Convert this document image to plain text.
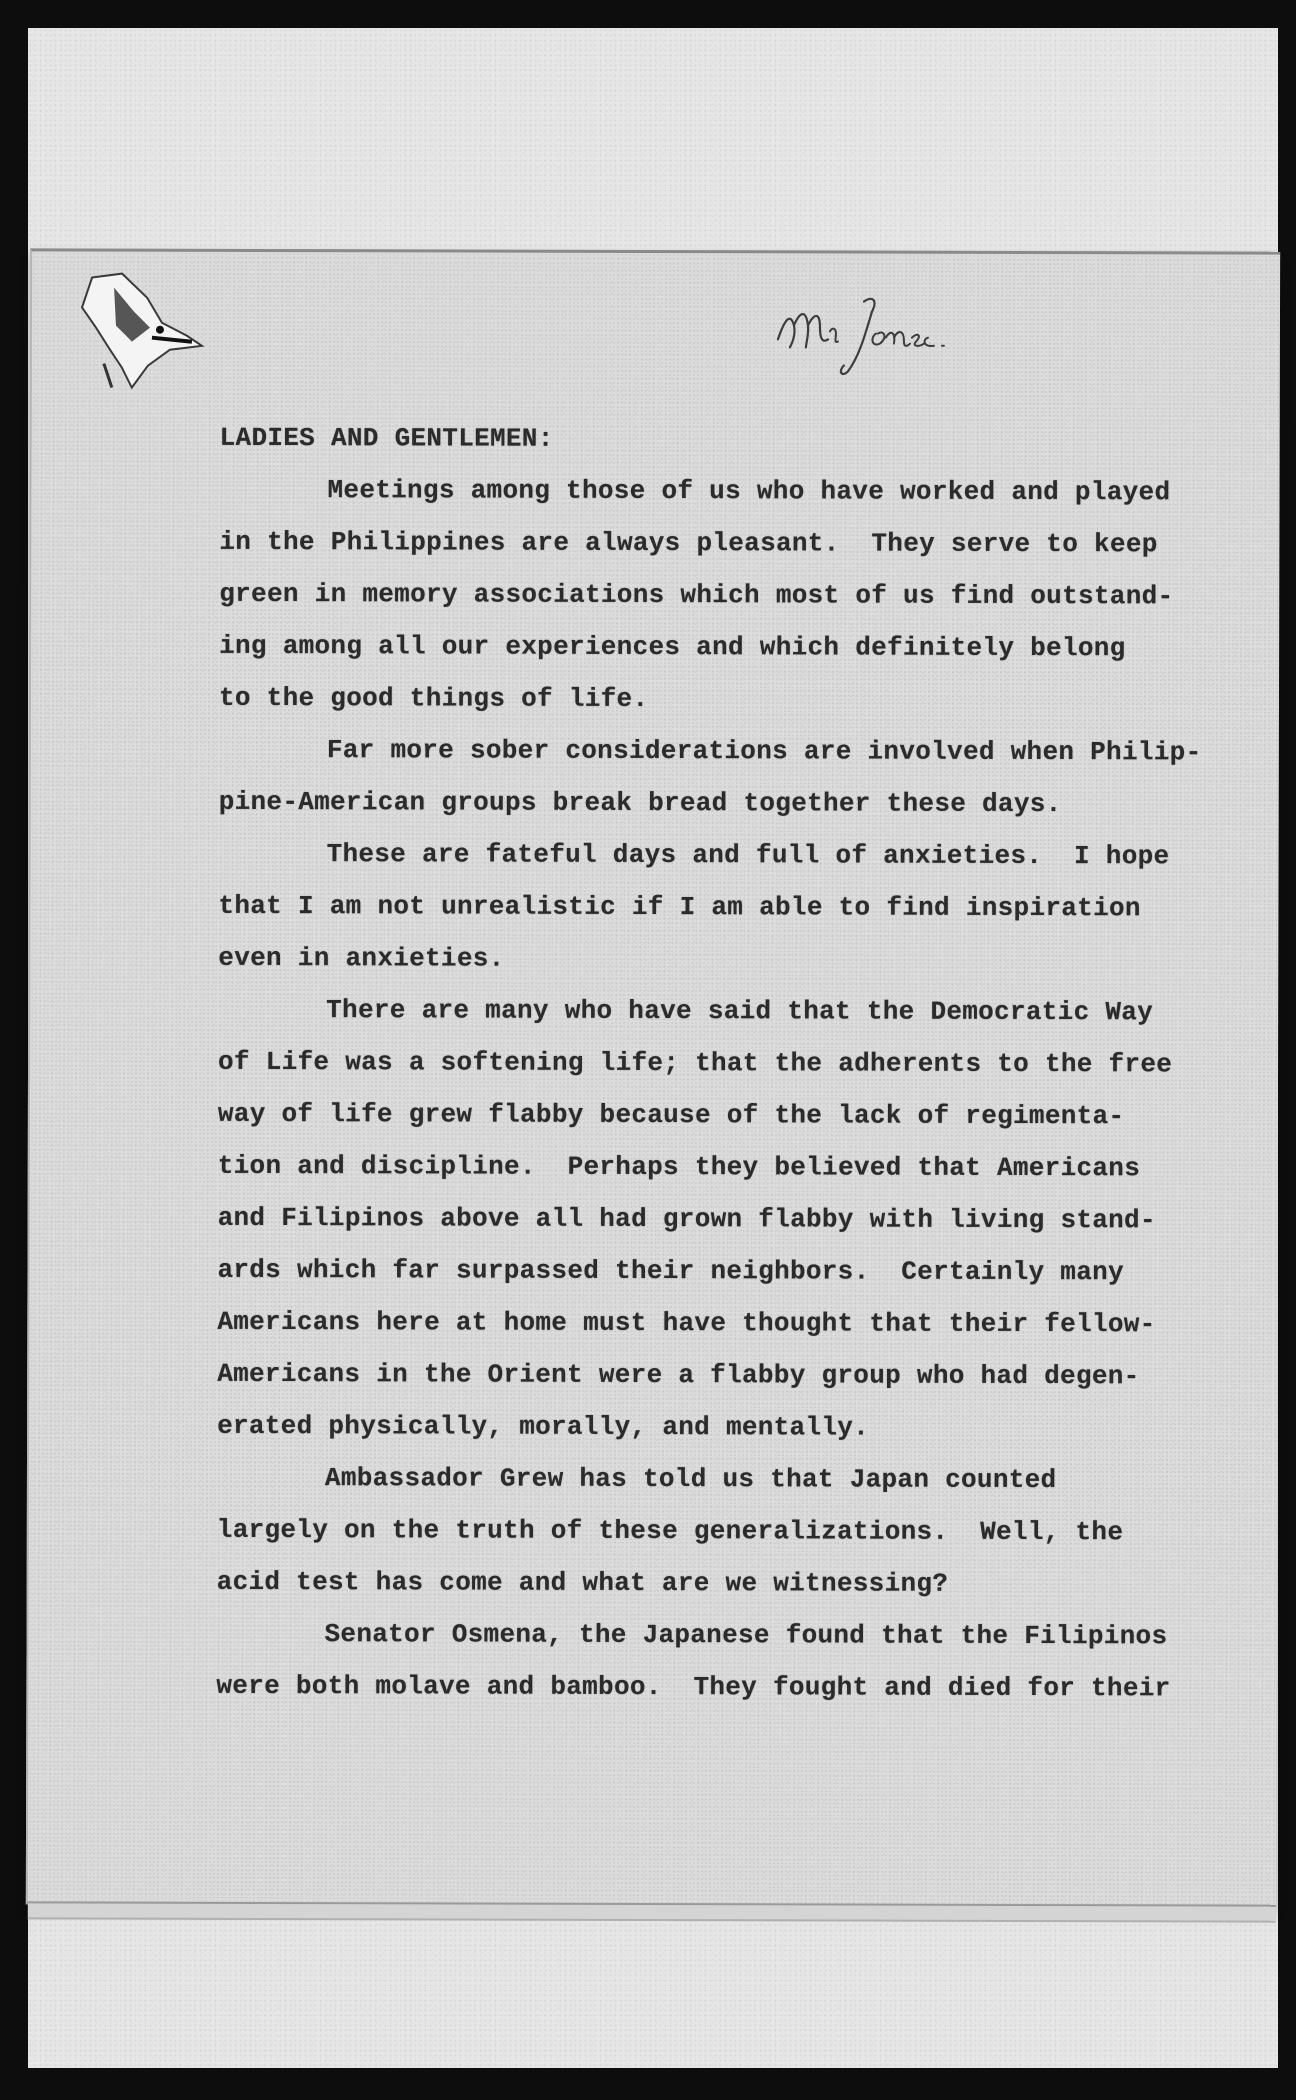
LADIES AND GENTLEMEN:

Meetings among those of us who have worked and played
in the Philippines are always pleasant.  They serve to keep
green in memory associations which most of us find outstand-
ing among all our experiences and which definitely belong
to the good things of life.

Far more sober considerations are involved when Philip-
pine-American groups break bread together these days.

These are fateful days and full of anxieties.  I hope
that I am not unrealistic if I am able to find inspiration
even in anxieties.

There are many who have said that the Democratic Way
of Life was a softening life; that the adherents to the free
way of life grew flabby because of the lack of regimenta-
tion and discipline.  Perhaps they believed that Americans
and Filipinos above all had grown flabby with living stand-
ards which far surpassed their neighbors.  Certainly many
Americans here at home must have thought that their fellow-
Americans in the Orient were a flabby group who had degen-
erated physically, morally, and mentally.

Ambassador Grew has told us that Japan counted
largely on the truth of these generalizations.  Well, the
acid test has come and what are we witnessing?

Senator Osmena, the Japanese found that the Filipinos
were both molave and bamboo.  They fought and died for their
